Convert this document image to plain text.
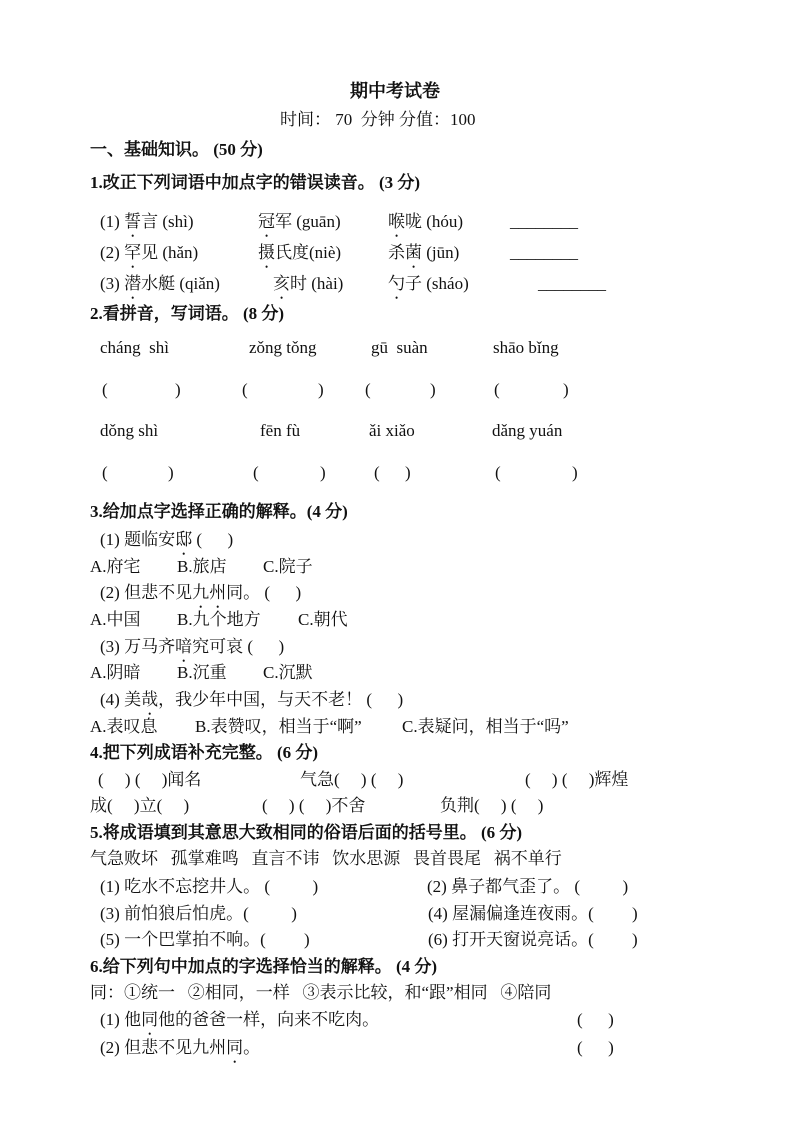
期中考试卷
时间： 70  分钟 分值：100
一、基础知识。 (50 分)
1.改正下列词语中加点字的错误读音。 (3 分)
(1) 誓言 (shì)	冠军 (guān)	喉咙 (hóu)	________
(2) 罕见 (hǎn)	摄氏度(niè)	杀菌 (jūn)	________
(3) 潜水艇 (qiǎn)	亥时 (hài)	勺子 (sháo)	________
2.看拼音，写词语。 (8 分)
cháng  shì	zǒng tǒng	gū  suàn	shāo bǐng
(	)	(	) (	)	(	)
dǒng shì	fēn fù	ǎi xiǎo	dǎng yuán
(	)	(	)	( )	(	)
3.给加点字选择正确的解释。(4 分)
(1) 题临安邸 (      )
A.府宅 B.旅店 C.院子
(2) 但悲不见九州同。 (      )
A.中国 B.九个地方 C.朝代
(3) 万马齐喑究可哀 (      )
A.阴暗 B.沉重 C.沉默
(4) 美哉，我少年中国，与天不老！ (      )
A.表叹息 B.表赞叹，相当于“啊” C.表疑问，相当于“吗”
4.把下列成语补充完整。 (6 分)
(     ) (     )闻名	气急(     ) (     )	(     ) (     )辉煌
成(     )立(     )	(     ) (     )不舍	负荆(     ) (     )
5.将成语填到其意思大致相同的俗语后面的括号里。 (6 分)
气急败坏   孤掌难鸣   直言不讳   饮水思源   畏首畏尾   祸不单行
(1) 吃水不忘挖井人。 (          )	(2) 鼻子都气歪了。 (          )
(3) 前怕狼后怕虎。(          )	(4) 屋漏偏逢连夜雨。(         )
(5) 一个巴掌拍不响。(         )	(6) 打开天窗说亮话。(         )
6.给下列句中加点的字选择恰当的解释。 (4 分)
同：①统一   ②相同，一样   ③表示比较，和“跟”相同   ④陪同
(1) 他同他的爸爸一样，向来不吃肉。	(      )
(2) 但悲不见九州同。	(      )
